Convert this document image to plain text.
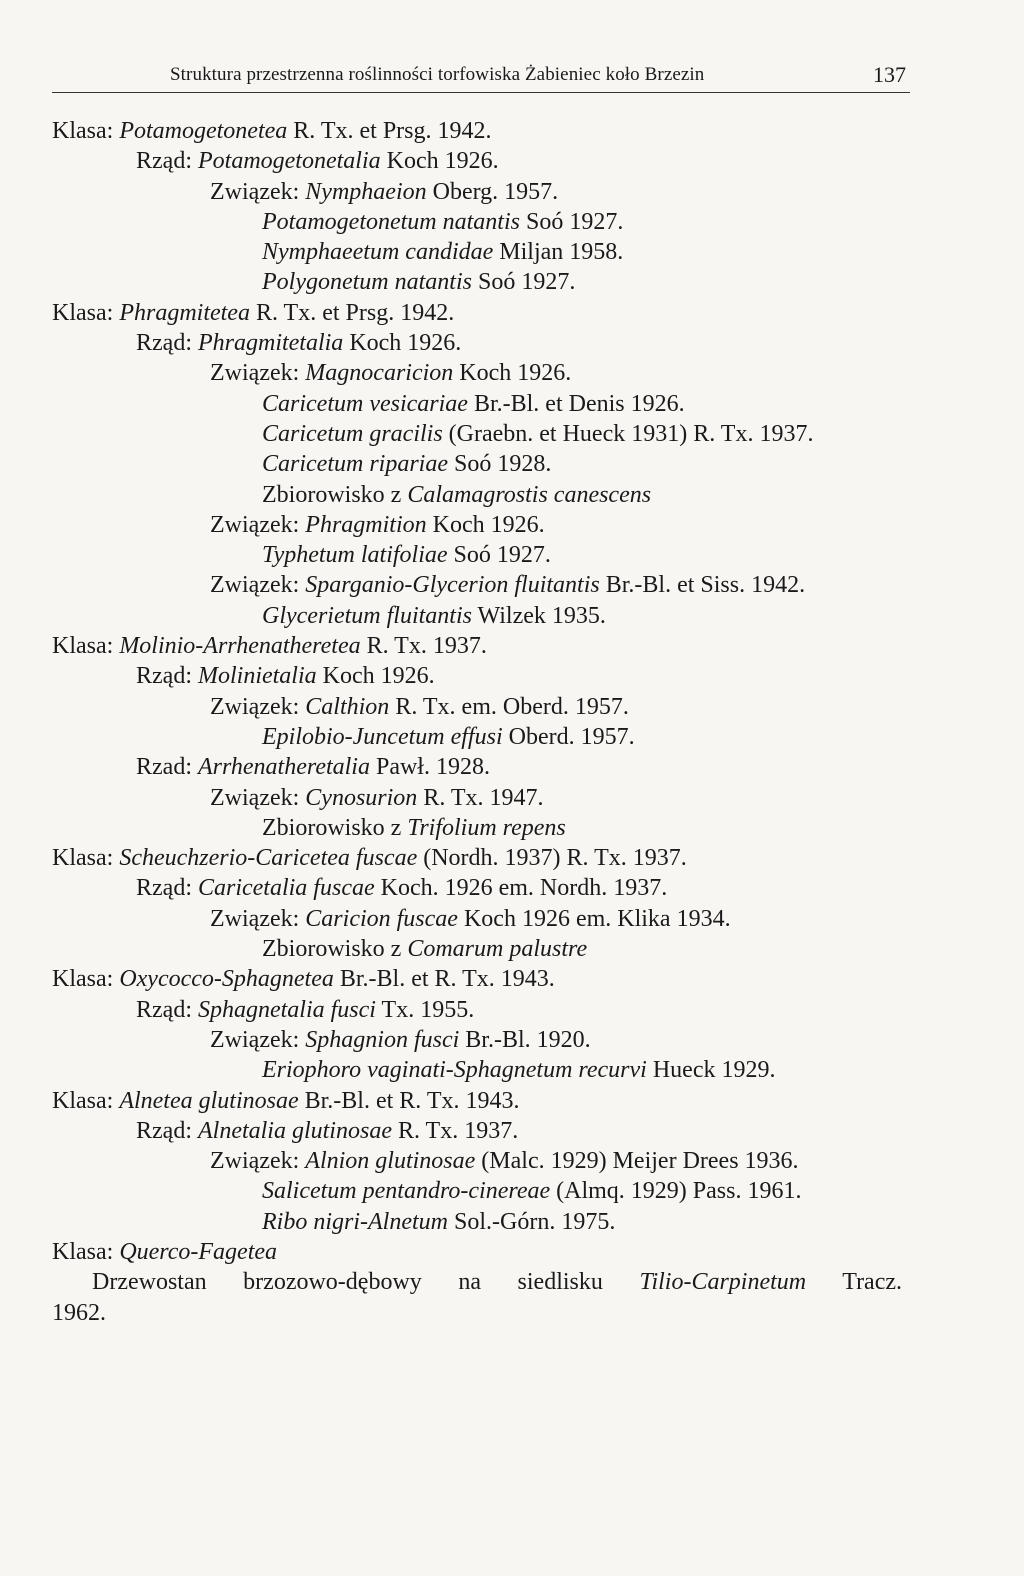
Struktura przestrzenna roślinności torfowiska Żabieniec koło Brzezin	137
Klasa: Potamogetonetea R. Tx. et Prsg. 1942.
Rząd: Potamogetonetalia Koch 1926.
Związek: Nymphaeion Oberg. 1957.
Potamogetonetum natantis Soó 1927.
Nymphaeetum candidae Miljan 1958.
Polygonetum natantis Soó 1927.
Klasa: Phragmitetea R. Tx. et Prsg. 1942.
Rząd: Phragmitetalia Koch 1926.
Związek: Magnocaricion Koch 1926.
Caricetum vesicariae Br.-Bl. et Denis 1926.
Caricetum gracilis (Graebn. et Hueck 1931) R. Tx. 1937.
Caricetum ripariae Soó 1928.
Zbiorowisko z Calamagrostis canescens
Związek: Phragmition Koch 1926.
Typhetum latifoliae Soó 1927.
Związek: Sparganio-Glycerion fluitantis Br.-Bl. et Siss. 1942.
Glycerietum fluitantis Wilzek 1935.
Klasa: Molinio-Arrhenatheretea R. Tx. 1937.
Rząd: Molinietalia Koch 1926.
Związek: Calthion R. Tx. em. Oberd. 1957.
Epilobio-Juncetum effusi Oberd. 1957.
Rzad: Arrhenatheretalia Pawł. 1928.
Związek: Cynosurion R. Tx. 1947.
Zbiorowisko z Trifolium repens
Klasa: Scheuchzerio-Caricetea fuscae (Nordh. 1937) R. Tx. 1937.
Rząd: Caricetalia fuscae Koch. 1926 em. Nordh. 1937.
Związek: Caricion fuscae Koch 1926 em. Klika 1934.
Zbiorowisko z Comarum palustre
Klasa: Oxycocco-Sphagnetea Br.-Bl. et R. Tx. 1943.
Rząd: Sphagnetalia fusci Tx. 1955.
Związek: Sphagnion fusci Br.-Bl. 1920.
Eriophoro vaginati-Sphagnetum recurvi Hueck 1929.
Klasa: Alnetea glutinosae Br.-Bl. et R. Tx. 1943.
Rząd: Alnetalia glutinosae R. Tx. 1937.
Związek: Alnion glutinosae (Malc. 1929) Meijer Drees 1936.
Salicetum pentandro-cinereae (Almq. 1929) Pass. 1961.
Ribo nigri-Alnetum Sol.-Górn. 1975.
Klasa: Querco-Fagetea
Drzewostan brzozowo-dębowy na siedlisku Tilio-Carpinetum Tracz.
1962.
